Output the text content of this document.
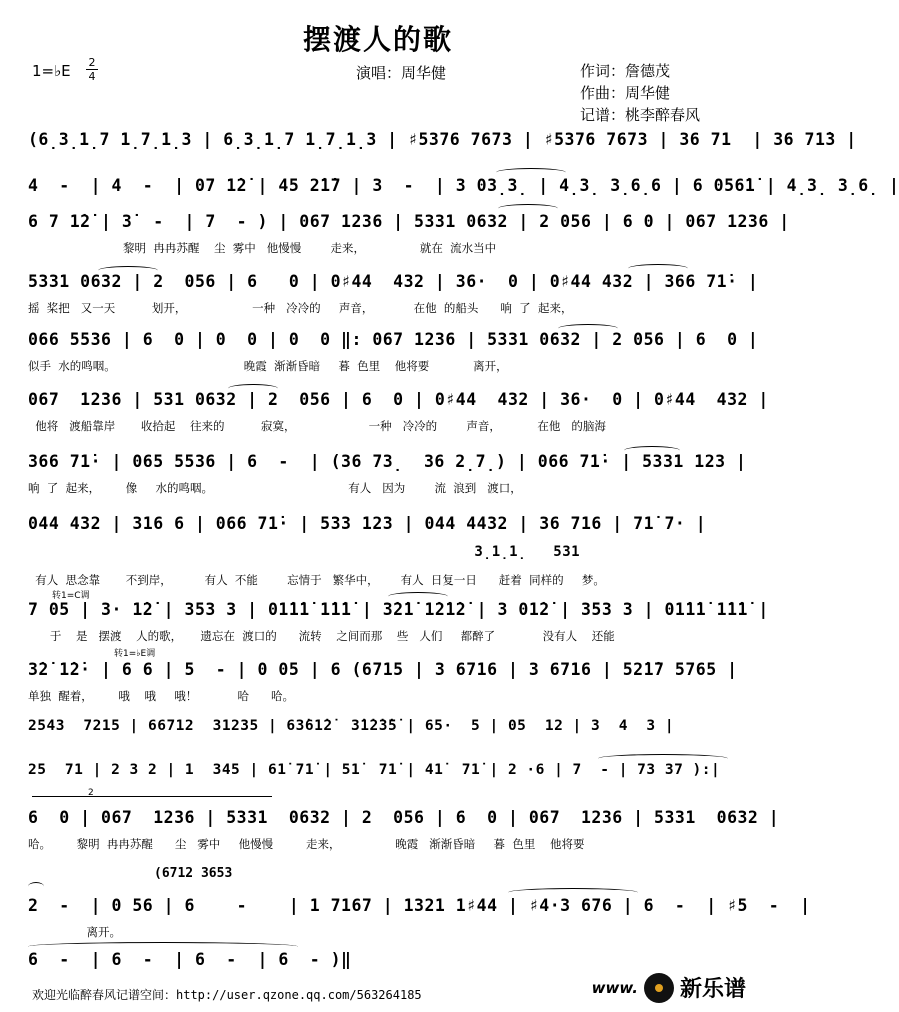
摆渡人的歌
1=♭E 2
4	演唱：周华健	作词：詹德茂
作曲：周华健
记谱：桃李醉春风
(6̣3̣1̣7 1̣7̣1̣3 | 6̣3̣1̣7 1̣7̣1̣3 | ♯5376 7673 | ♯5376 7673 | 36 71  | 36 71̇3 |
4  -  | 4  -  | 07 1̇2̇ | 45 2̇1̇7 | 3  -  | 3 03̣3̣ | 4̣3̣ 3̣6̣6 | 6 056̇1̇ | 4̣3̣ 3̣6̣ |
6 7 1̇2̇ | 3̇  -  | 7  - ) | 067 1236 | 5331 0632 | 2 056 | 6 0 | 067 1236 |
黎明  冉冉苏醒    尘  雾中   他慢慢        走来，               就在  流水当中
5331 0632 | 2  056 | 6   0 | 0♯44  432 | 36·  0 | 0♯44 432 | 366 71̇· |
摇  桨把   又一天          划开，                  一种   冷冷的     声音，           在他  的船头      响  了  起来，
066 5536 | 6  0 | 0  0 | 0  0 ‖: 067 1236 | 5331 0632 | 2 056 | 6  0 |
似手  水的鸣咽。                                   晚霞  渐渐昏暗     暮  色里    他将要            离开，
067  1236 | 531 0632 | 2  056 | 6  0 | 0♯44  432 | 36·  0 | 0♯44  432 |
他将   渡船靠岸       收拾起    往来的          寂寞，                    一种   冷冷的        声音，          在他   的脑海
366 71̇· | 065 5536 | 6  -  | (36 73̣  36 2̣7̣) | 066 71̇· | 5331 123 |
响  了  起来，       像     水的鸣咽。                                     有人   因为        流  浪到   渡口，
044 432 | 316 6 | 066 71̇· | 533 123 | 044 4432 | 36 716 | 71̇ 7· |
3̣1̣1̣   531
有人  思念靠       不到岸，         有人  不能        忘情于   繁华中，      有人  日复一日      赶着  同样的     梦。
转1=C调
7 05 | 3· 1̇2̇ | 353 3 | 01̇1̇1̇ 1̇1̇1̇ | 3̇2̇1̇ 1̇2̇1̇2̇ | 3 01̇2̇ | 353 3 | 01̇1̇1̇ 1̇1̇1̇ |
于    是   摆渡    人的歌，     遗忘在  渡口的      流转    之间而那    些   人们     都醉了             没有人    还能
转1=♭E调
3̇2̇ 1̇2̇· | 6 6 | 5  - | 0 05 | 6 (6715 | 3 6716 | 3 6716 | 52̇1̇7 5765 |
单独  醒着，       哦    哦     哦！           哈      哈。
2543  7215 | 66712  31235 | 63̇61̇2̇  3̇1̇2̇3̇5̇ | 65·  5 | 05  12 | 3  4  3 |
25  71 | 2 3 2 | 1  345 | 61̇ 71̇ | 51̇  71̇ | 41̇  71̇ | 2 ·6 | 7  - | 73 37 ):|
2
6  0 | 067  1236 | 5331  0632 | 2  056 | 6  0 | 067  1236 | 5331  0632 |
哈。       黎明  冉冉苏醒      尘   雾中     他慢慢         走来，               晚霞   渐渐昏暗     暮  色里    他将要
(6712 3653
2  -  | 0 56 | 6    -    | 1 7167 | 1321 1♯44 | ♯4·3 676 | 6  -  | ♯5  -  |
离开。
6  -  | 6  -  | 6  -  | 6  - )‖
欢迎光临醉春风记谱空间：http://user.qzone.qq.com/563264185	www. 新乐谱
